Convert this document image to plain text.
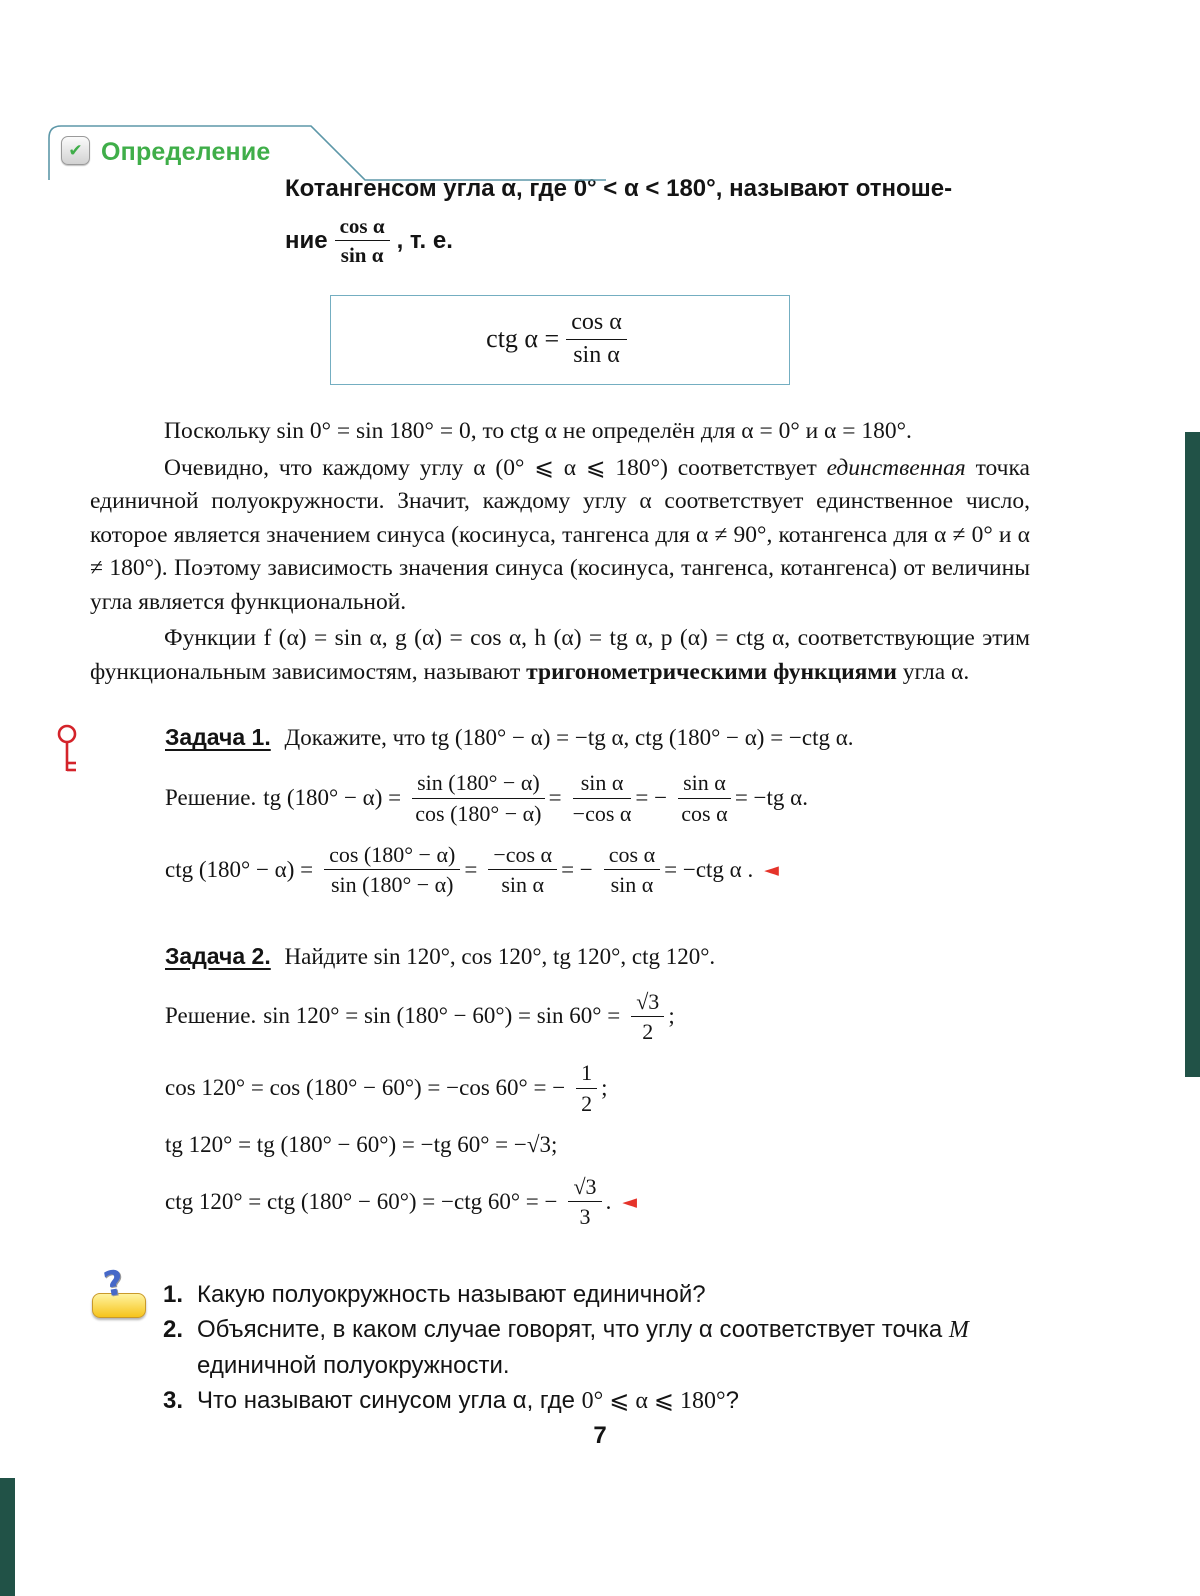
✔ Определение
Котангенсом угла α, где 0° < α < 180°, называют отноше-
ние $\frac{\text{cos α}}{\text{sin α}}$ , т. е.
ctg $\alpha = \frac{\text{cos α}}{\text{sin α}}$

Поскольку sin 0° = sin 180° = 0, то ctg α не определён для α = 0° и α = 180°.

Очевидно, что каждому углу α (0° ⩽ α ⩽ 180°) соответствует единственная точка единичной полуокружности. Значит, каждому углу α соответствует единственное число, которое является значением синуса (косинуса, тангенса для α ≠ 90°, котангенса для α ≠ 0° и α ≠ 180°). Поэтому зависимость значения синуса (косинуса, тангенса, котангенса) от величины угла является функциональной.

Функции f (α) = sin α, g (α) = cos α, h (α) = tg α, p (α) = ctg α, соответствующие этим функциональным зависимостям, называют тригонометрическими функциями угла α.

Задача 1. Докажите, что tg (180° − α) = −tg α, ctg (180° − α) = −ctg α.
Решение. tg $(180^\circ - \alpha) = \frac{\sin (180^\circ - \alpha)}{\cos (180^\circ - \alpha)} = \frac{\text{sin α}}{\text{−cos α}}$ = − $\frac{\text{sin α}}{\text{cos α}} = -tg$ α.
ctg $(180^\circ - \alpha) = \frac{\cos (180^\circ - \alpha)}{\sin (180^\circ - \alpha)} = \frac{\text{−cos α}}{\text{sin α}}$ = − $\frac{\text{cos α}}{\text{sin α}} = -ctg$ α . ◄
Задача 2. Найдите sin 120°, cos 120°, tg 120°, ctg 120°.
Решение. $\sin 120^\circ = \sin (180^\circ - 60^\circ) = \sin 60^\circ = \frac{√3}{2}$ ;
cos 120° = cos (180° − 60°) = −cos 60° = − $\frac{1}{2}$ ;
tg 120° = tg (180° − 60°) = −tg 60° = −√3;
ctg 120° = ctg (180° − 60°) = −ctg 60° = − $\frac{√3}{3}$ . ◄
? 1. Какую полуокружность называют единичной?
2. Объясните, в каком случае говорят, что углу α соответствует точка M единичной полуокружности.
3. Что называют синусом угла α, где 0° ⩽ α ⩽ 180°?
7
